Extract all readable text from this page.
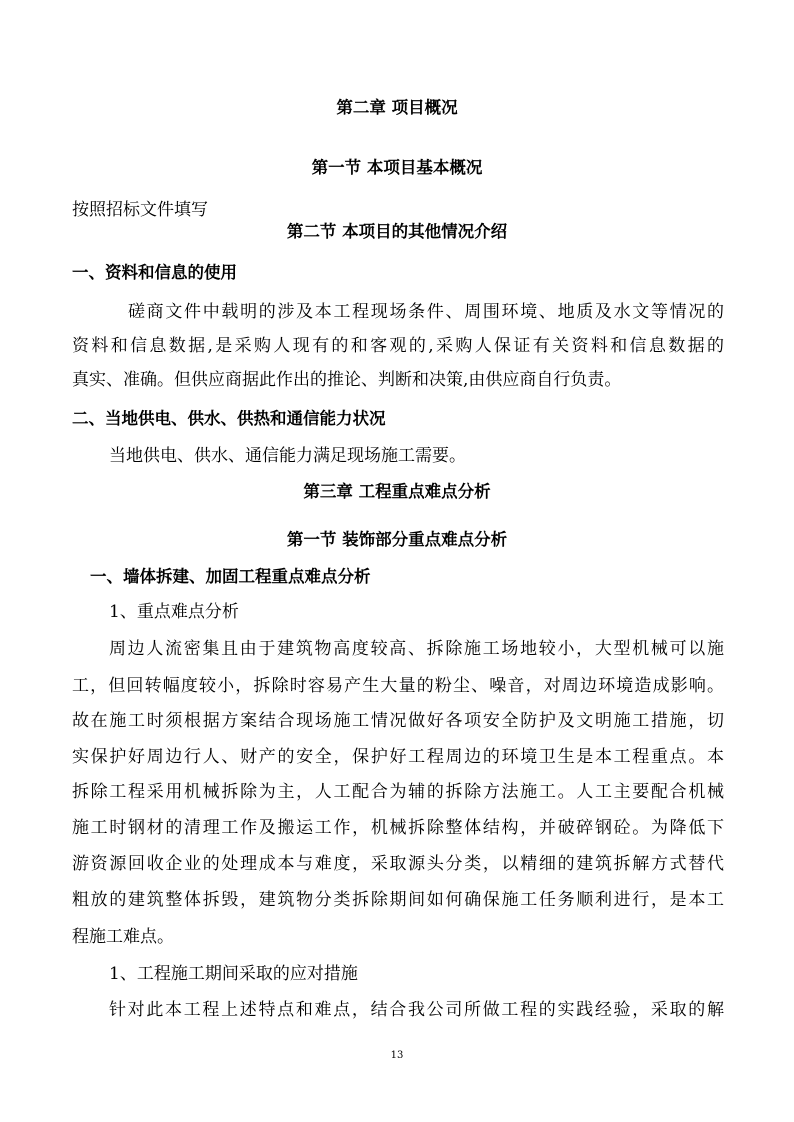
第二章 项目概况
第一节 本项目基本概况
按照招标文件填写
第二节 本项目的其他情况介绍
一、资料和信息的使用
磋商文件中载明的涉及本工程现场条件、周围环境、地质及水文等情况的
资料和信息数据,是采购人现有的和客观的,采购人保证有关资料和信息数据的
真实、准确。但供应商据此作出的推论、判断和决策,由供应商自行负责。
二、当地供电、供水、供热和通信能力状况
当地供电、供水、通信能力满足现场施工需要。
第三章 工程重点难点分析
第一节 装饰部分重点难点分析
一、墙体拆建、加固工程重点难点分析
1、重点难点分析
周边人流密集且由于建筑物高度较高、拆除施工场地较小，大型机械可以施
工，但回转幅度较小，拆除时容易产生大量的粉尘、噪音，对周边环境造成影响。
故在施工时须根据方案结合现场施工情况做好各项安全防护及文明施工措施，切
实保护好周边行人、财产的安全，保护好工程周边的环境卫生是本工程重点。本
拆除工程采用机械拆除为主，人工配合为辅的拆除方法施工。人工主要配合机械
施工时钢材的清理工作及搬运工作，机械拆除整体结构，并破碎钢砼。为降低下
游资源回收企业的处理成本与难度，采取源头分类，以精细的建筑拆解方式替代
粗放的建筑整体拆毁，建筑物分类拆除期间如何确保施工任务顺利进行，是本工
程施工难点。
1、工程施工期间采取的应对措施
针对此本工程上述特点和难点，结合我公司所做工程的实践经验，采取的解
13
